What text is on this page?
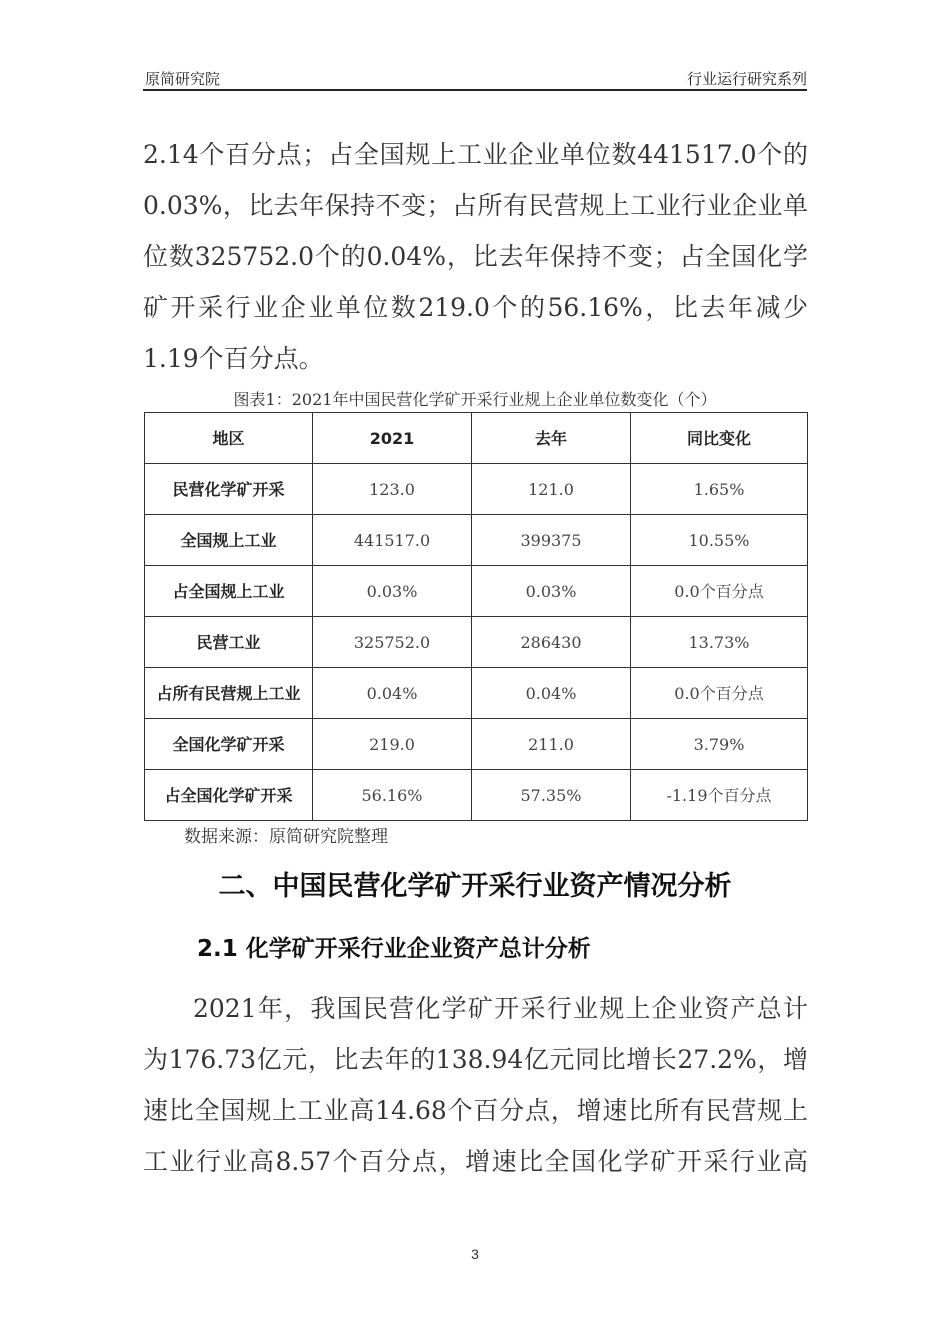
原简研究院	行业运行研究系列
2.14个百分点；占全国规上工业企业单位数441517.0个的
0.03%，比去年保持不变；占所有民营规上工业行业企业单
位数325752.0个的0.04%，比去年保持不变；占全国化学
矿开采行业企业单位数219.0个的56.16%，比去年减少
1.19个百分点。
图表1：2021年中国民营化学矿开采行业规上企业单位数变化（个）
地区	2021	去年	同比变化
民营化学矿开采	123.0	121.0	1.65%
全国规上工业	441517.0	399375	10.55%
占全国规上工业	0.03%	0.03%	0.0个百分点
民营工业	325752.0	286430	13.73%
占所有民营规上工业	0.04%	0.04%	0.0个百分点
全国化学矿开采	219.0	211.0	3.79%
占全国化学矿开采	56.16%	57.35%	-1.19个百分点
数据来源：原简研究院整理
二、中国民营化学矿开采行业资产情况分析
2.1 化学矿开采行业企业资产总计分析
2021年，我国民营化学矿开采行业规上企业资产总计
为176.73亿元，比去年的138.94亿元同比增长27.2%，增
速比全国规上工业高14.68个百分点，增速比所有民营规上
工业行业高8.57个百分点，增速比全国化学矿开采行业高
3
